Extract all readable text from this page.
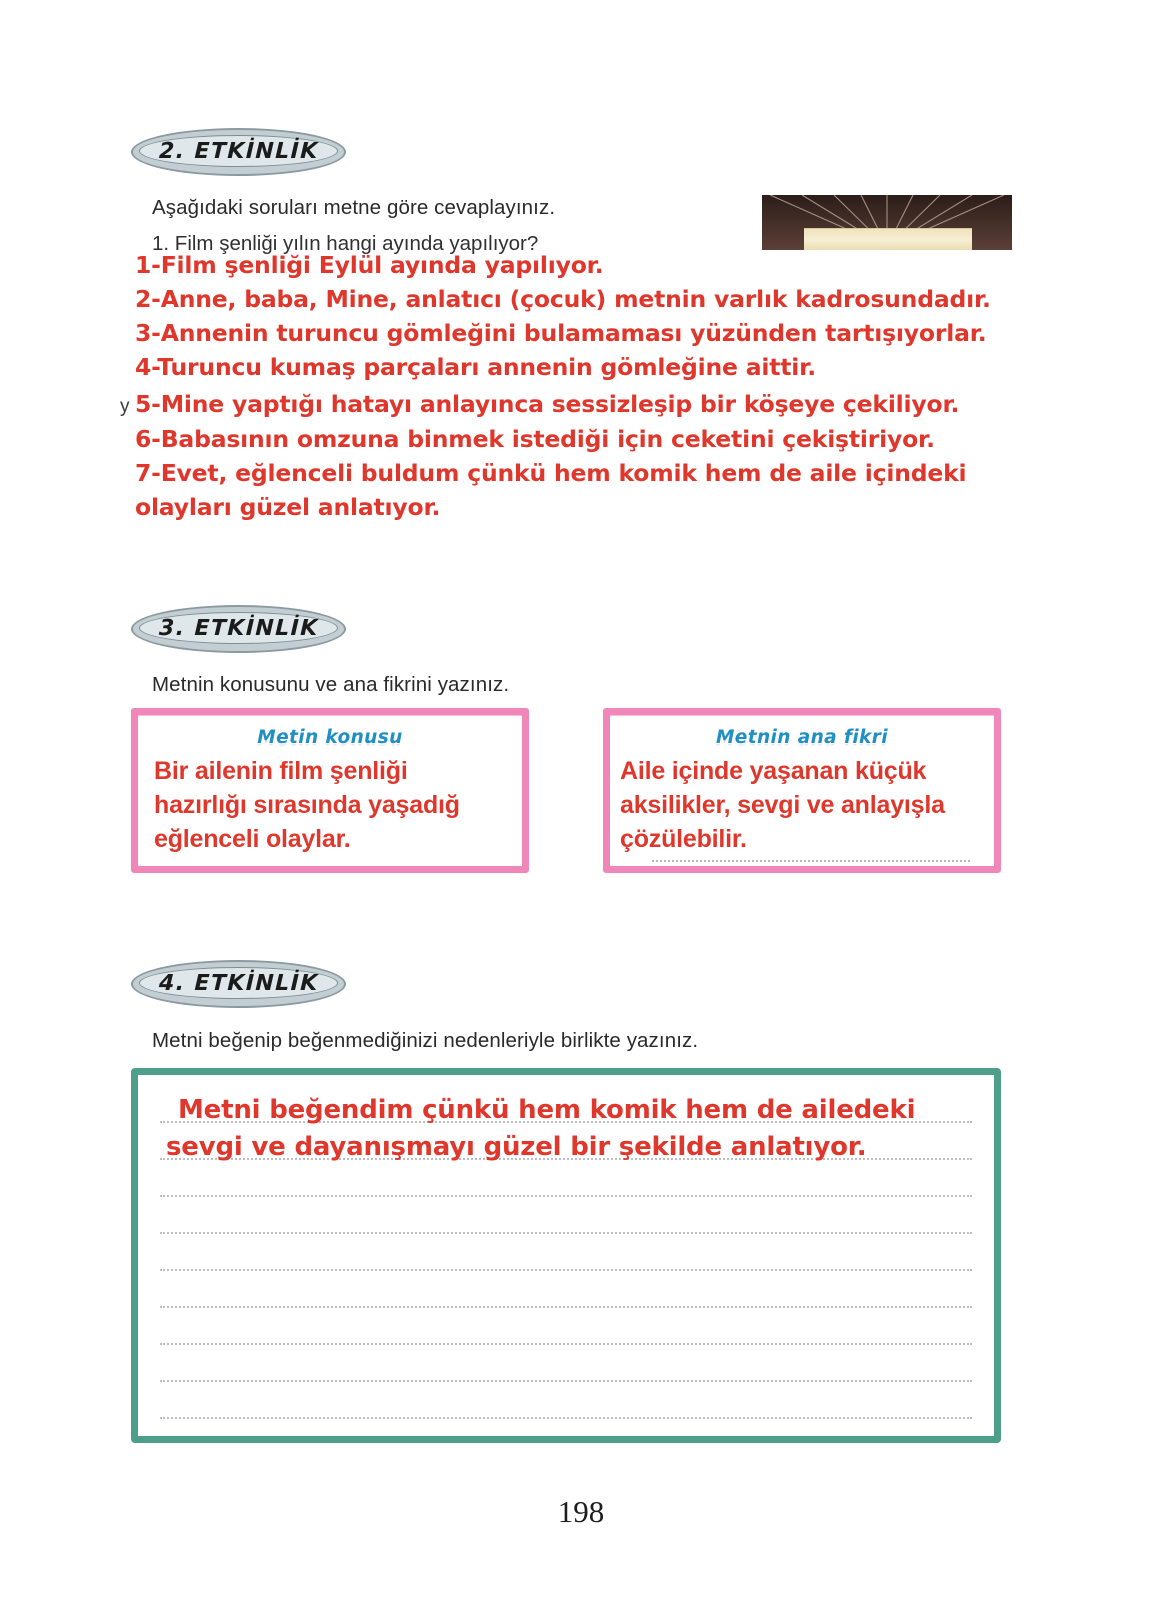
2. ETKİNLİK
Aşağıdaki soruları metne göre cevaplayınız.
1. Film şenliği yılın hangi ayında yapılıyor?
y
1-Film şenliği Eylül ayında yapılıyor.
2-Anne, baba, Mine, anlatıcı (çocuk) metnin varlık kadrosundadır.
3-Annenin turuncu gömleğini bulamaması yüzünden tartışıyorlar.
4-Turuncu kumaş parçaları annenin gömleğine aittir.
5-Mine yaptığı hatayı anlayınca sessizleşip bir köşeye çekiliyor.
6-Babasının omzuna binmek istediği için ceketini çekiştiriyor.
7-Evet, eğlenceli buldum çünkü hem komik hem de aile içindeki
olayları güzel anlatıyor.
3. ETKİNLİK
Metnin konusunu ve ana fikrini yazınız.
Metin konusu
Bir ailenin film şenliği
hazırlığı sırasında yaşadığ
eğlenceli olaylar.
Metnin ana fikri
Aile içinde yaşanan küçük
aksilikler, sevgi ve anlayışla
çözülebilir.
4. ETKİNLİK
Metni beğenip beğenmediğinizi nedenleriyle birlikte yazınız.
Metni beğendim çünkü hem komik hem de ailedeki
sevgi ve dayanışmayı güzel bir şekilde anlatıyor.
198
